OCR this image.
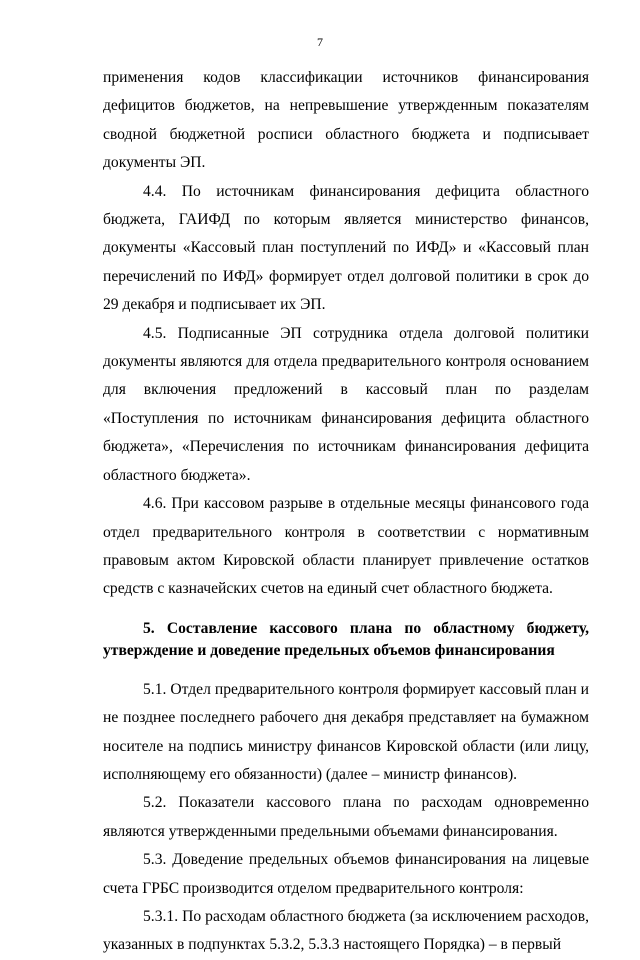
7

применения кодов классификации источников финансирования дефицитов бюджетов, на непревышение утвержденным показателям сводной бюджетной росписи областного бюджета и подписывает документы ЭП.

4.4. По источникам финансирования дефицита областного бюджета, ГАИФД по которым является министерство финансов, документы «Кассовый план поступлений по ИФД» и «Кассовый план перечислений по ИФД» формирует отдел долговой политики в срок до 29 декабря и подписывает их ЭП.

4.5. Подписанные ЭП сотрудника отдела долговой политики документы являются для отдела предварительного контроля основанием для включения предложений в кассовый план по разделам «Поступления по источникам финансирования дефицита областного бюджета», «Перечисления по источникам финансирования дефицита областного бюджета».

4.6. При кассовом разрыве в отдельные месяцы финансового года отдел предварительного контроля в соответствии с нормативным правовым актом Кировской области планирует привлечение остатков средств с казначейских счетов на единый счет областного бюджета.

5. Составление кассового плана по областному бюджету, утверждение и доведение предельных объемов финансирования

5.1. Отдел предварительного контроля формирует кассовый план и не позднее последнего рабочего дня декабря представляет на бумажном носителе на подпись министру финансов Кировской области (или лицу, исполняющему его обязанности) (далее – министр финансов).

5.2. Показатели кассового плана по расходам одновременно являются утвержденными предельными объемами финансирования.

5.3. Доведение предельных объемов финансирования на лицевые счета ГРБС производится отделом предварительного контроля:

5.3.1. По расходам областного бюджета (за исключением расходов, указанных в подпунктах 5.3.2, 5.3.3 настоящего Порядка) – в первый
